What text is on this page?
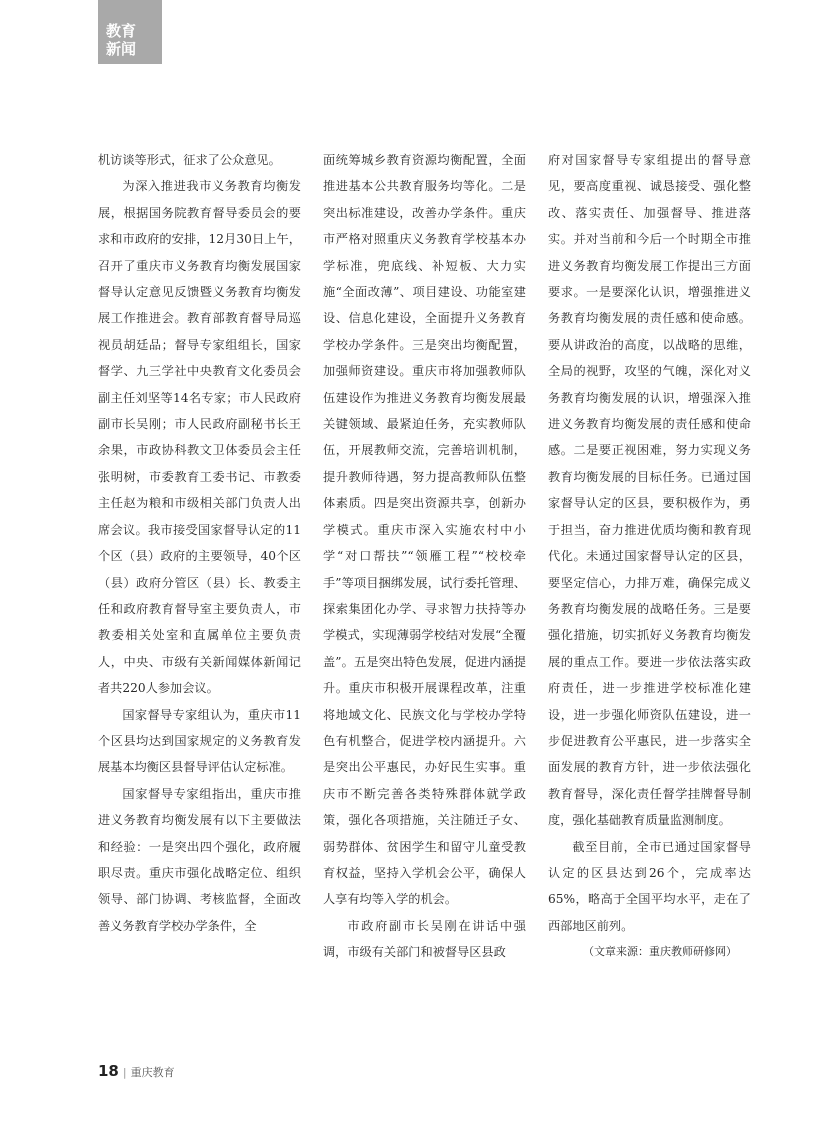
教育
新闻

机访谈等形式，征求了公众意见。

为深入推进我市义务教育均衡发展，根据国务院教育督导委员会的要求和市政府的安排，12月30日上午，召开了重庆市义务教育均衡发展国家督导认定意见反馈暨义务教育均衡发展工作推进会。教育部教育督导局巡视员胡廷品；督导专家组组长，国家督学、九三学社中央教育文化委员会副主任刘坚等14名专家；市人民政府副市长吴刚；市人民政府副秘书长王余果，市政协科教文卫体委员会主任张明树，市委教育工委书记、市教委主任赵为粮和市级相关部门负责人出席会议。我市接受国家督导认定的11个区（县）政府的主要领导，40个区（县）政府分管区（县）长、教委主任和政府教育督导室主要负责人，市教委相关处室和直属单位主要负责人，中央、市级有关新闻媒体新闻记者共220人参加会议。

国家督导专家组认为，重庆市11个区县均达到国家规定的义务教育发展基本均衡区县督导评估认定标准。

国家督导专家组指出，重庆市推进义务教育均衡发展有以下主要做法和经验：一是突出四个强化，政府履职尽责。重庆市强化战略定位、组织领导、部门协调、考核监督，全面改善义务教育学校办学条件，全

面统筹城乡教育资源均衡配置，全面推进基本公共教育服务均等化。二是突出标准建设，改善办学条件。重庆市严格对照重庆义务教育学校基本办学标准，兜底线、补短板、大力实施“全面改薄”、项目建设、功能室建设、信息化建设，全面提升义务教育学校办学条件。三是突出均衡配置，加强师资建设。重庆市将加强教师队伍建设作为推进义务教育均衡发展最关键领域、最紧迫任务，充实教师队伍，开展教师交流，完善培训机制，提升教师待遇，努力提高教师队伍整体素质。四是突出资源共享，创新办学模式。重庆市深入实施农村中小学“对口帮扶”“领雁工程”“校校牵手”等项目捆绑发展，试行委托管理、探索集团化办学、寻求智力扶持等办学模式，实现薄弱学校结对发展“全覆盖”。五是突出特色发展，促进内涵提升。重庆市积极开展课程改革，注重将地域文化、民族文化与学校办学特色有机整合，促进学校内涵提升。六是突出公平惠民，办好民生实事。重庆市不断完善各类特殊群体就学政策，强化各项措施，关注随迁子女、弱势群体、贫困学生和留守儿童受教育权益，坚持入学机会公平，确保人人享有均等入学的机会。

市政府副市长吴刚在讲话中强调，市级有关部门和被督导区县政

府对国家督导专家组提出的督导意见，要高度重视、诚恳接受、强化整改、落实责任、加强督导、推进落实。并对当前和今后一个时期全市推进义务教育均衡发展工作提出三方面要求。一是要深化认识，增强推进义务教育均衡发展的责任感和使命感。要从讲政治的高度，以战略的思维，全局的视野，攻坚的气魄，深化对义务教育均衡发展的认识，增强深入推进义务教育均衡发展的责任感和使命感。二是要正视困难，努力实现义务教育均衡发展的目标任务。已通过国家督导认定的区县，要积极作为，勇于担当，奋力推进优质均衡和教育现代化。未通过国家督导认定的区县，要坚定信心，力排万难，确保完成义务教育均衡发展的战略任务。三是要强化措施，切实抓好义务教育均衡发展的重点工作。要进一步依法落实政府责任，进一步推进学校标准化建设，进一步强化师资队伍建设，进一步促进教育公平惠民，进一步落实全面发展的教育方针，进一步依法强化教育督导，深化责任督学挂牌督导制度，强化基础教育质量监测制度。

截至目前，全市已通过国家督导认定的区县达到26个，完成率达65%，略高于全国平均水平，走在了西部地区前列。

（文章来源：重庆教师研修网）

18 | 重庆教育
